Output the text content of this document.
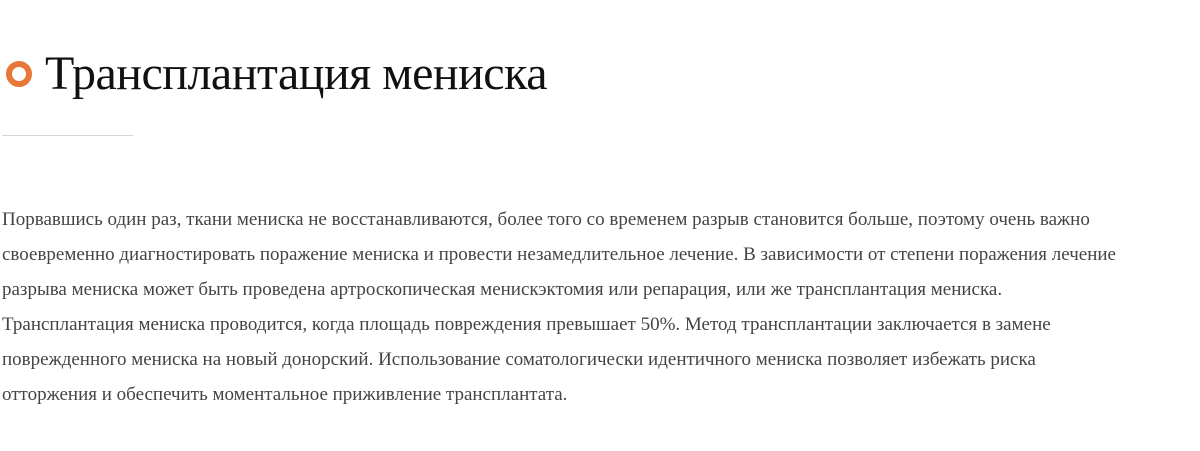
Трансплантация мениска

Порвавшись один раз, ткани мениска не восстанавливаются, более того со временем разрыв становится больше, поэтому очень важно
своевременно диагностировать поражение мениска и провести незамедлительное лечение. В зависимости от степени поражения лечение
разрыва мениска может быть проведена артроскопическая менискэктомия или репарация, или же трансплантация мениска.
Трансплантация мениска проводится, когда площадь повреждения превышает 50%. Метод трансплантации заключается в замене
поврежденного мениска на новый донорский. Использование соматологически идентичного мениска позволяет избежать риска
отторжения и обеспечить моментальное приживление трансплантата.
